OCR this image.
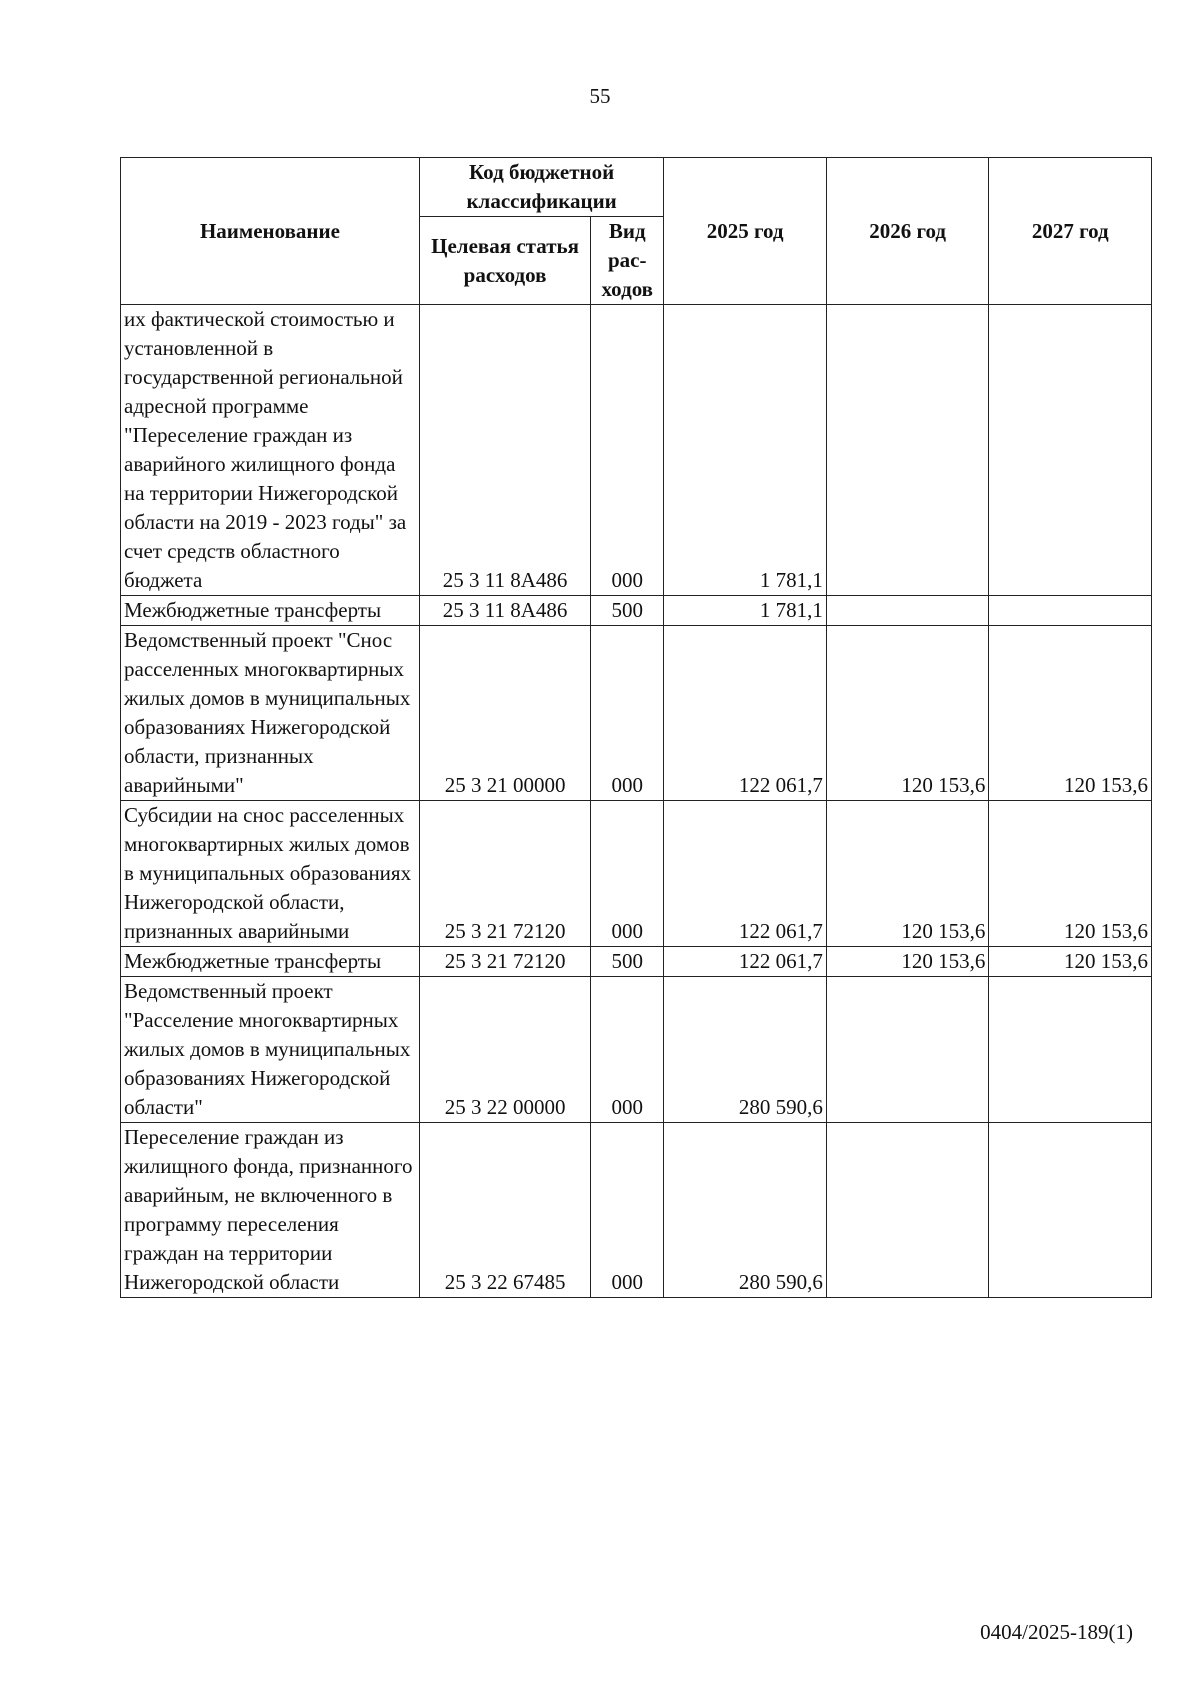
55
Наименование	Код бюджетной классификации		2025 год	2026 год	2027 год
	Целевая статья расходов	Вид рас-ходов			
их фактической стоимостью и установленной в государственной региональной адресной программе "Переселение граждан из аварийного жилищного фонда на территории Нижегородской области на 2019 - 2023 годы" за счет средств областного бюджета	25 3 11 8А486	000	1 781,1		
Межбюджетные трансферты	25 3 11 8А486	500	1 781,1		
Ведомственный проект "Снос расселенных многоквартирных жилых домов в муниципальных образованиях Нижегородской области, признанных аварийными"	25 3 21 00000	000	122 061,7	120 153,6	120 153,6
Субсидии на снос расселенных многоквартирных жилых домов в муниципальных образованиях Нижегородской области, признанных аварийными	25 3 21 72120	000	122 061,7	120 153,6	120 153,6
Межбюджетные трансферты	25 3 21 72120	500	122 061,7	120 153,6	120 153,6
Ведомственный проект "Расселение многоквартирных жилых домов в муниципальных образованиях Нижегородской области"	25 3 22 00000	000	280 590,6		
Переселение граждан из жилищного фонда, признанного аварийным, не включенного в программу переселения граждан на территории Нижегородской области	25 3 22 67485	000	280 590,6		
0404/2025-189(1)
